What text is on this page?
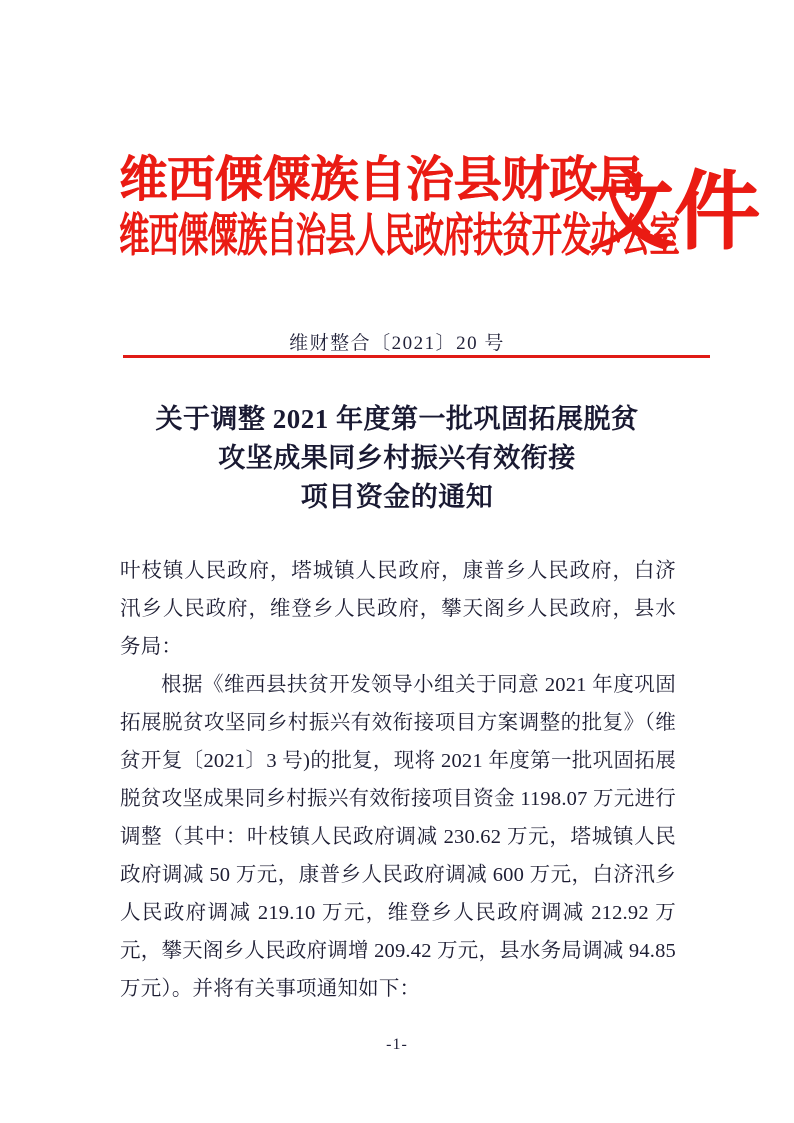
维西傈僳族自治县财政局
维西傈僳族自治县人民政府扶贫开发办公室
文件
维财整合〔2021〕20 号
关于调整 2021 年度第一批巩固拓展脱贫
攻坚成果同乡村振兴有效衔接
项目资金的通知

叶枝镇人民政府，塔城镇人民政府，康普乡人民政府，白济汛乡人民政府，维登乡人民政府，攀天阁乡人民政府，县水务局：

根据《维西县扶贫开发领导小组关于同意 2021 年度巩固拓展脱贫攻坚同乡村振兴有效衔接项目方案调整的批复》（维贫开复〔2021〕3 号)的批复，现将 2021 年度第一批巩固拓展脱贫攻坚成果同乡村振兴有效衔接项目资金 1198.07 万元进行调整（其中：叶枝镇人民政府调减 230.62 万元，塔城镇人民政府调减 50 万元，康普乡人民政府调减 600 万元，白济汛乡人民政府调减 219.10 万元，维登乡人民政府调减 212.92 万元，攀天阁乡人民政府调增 209.42 万元，县水务局调减 94.85 万元）。并将有关事项通知如下：

-1-
